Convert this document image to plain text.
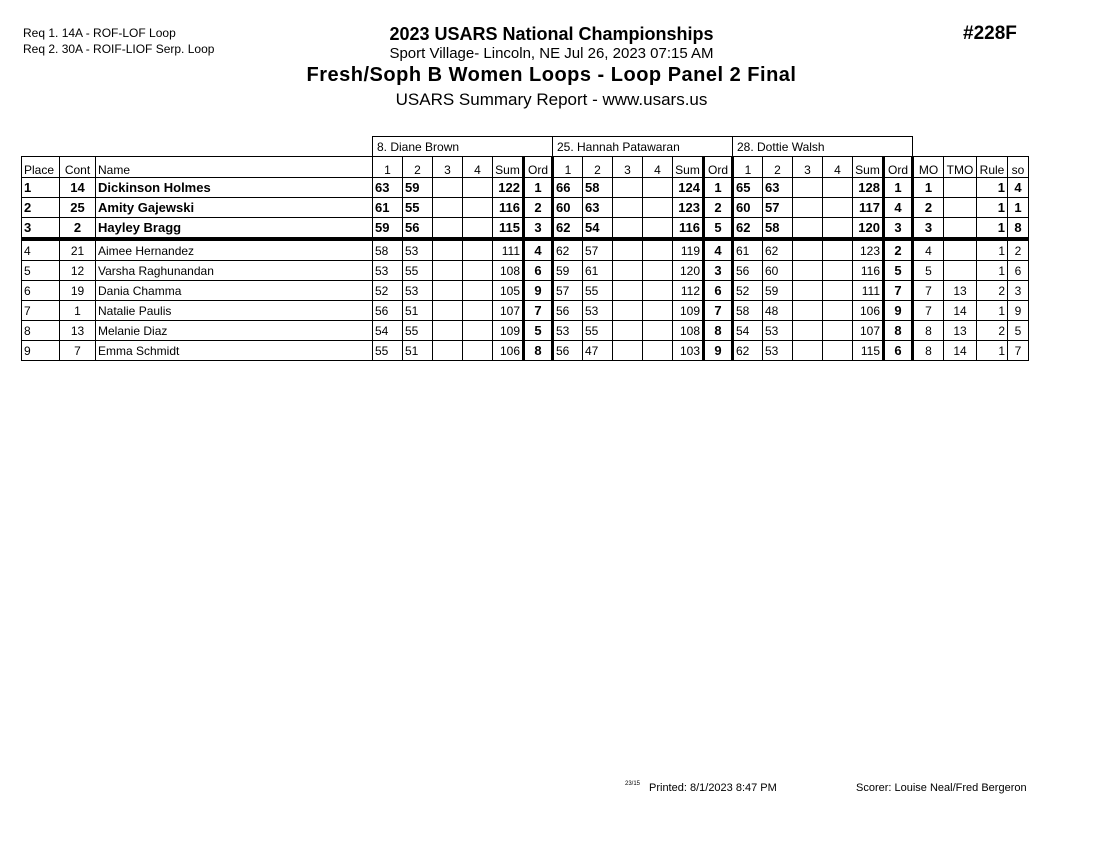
Req 1. 14A - ROF-LOF Loop
Req 2. 30A - ROIF-LIOF Serp. Loop
#228F
2023 USARS National Championships
Sport Village- Lincoln, NE Jul 26, 2023 07:15 AM
Fresh/Soph B Women Loops - Loop Panel 2 Final
USARS Summary Report - www.usars.us
			8. Diane Brown						25. Hannah Patawaran						28. Dottie Walsh									
Place	Cont	Name	1	2	3	4	Sum	Ord	1	2	3	4	Sum	Ord	1	2	3	4	Sum	Ord	MO	TMO	Rule	so
1	14	Dickinson Holmes	63	59			122	1	66	58			124	1	65	63			128	1	1		1	4
2	25	Amity Gajewski	61	55			116	2	60	63			123	2	60	57			117	4	2		1	1
3	2	Hayley Bragg	59	56			115	3	62	54			116	5	62	58			120	3	3		1	8
4	21	Aimee Hernandez	58	53			111	4	62	57			119	4	61	62			123	2	4		1	2
5	12	Varsha Raghunandan	53	55			108	6	59	61			120	3	56	60			116	5	5		1	6
6	19	Dania Chamma	52	53			105	9	57	55			112	6	52	59			111	7	7	13	2	3
7	1	Natalie Paulis	56	51			107	7	56	53			109	7	58	48			106	9	7	14	1	9
8	13	Melanie Diaz	54	55			109	5	53	55			108	8	54	53			107	8	8	13	2	5
9	7	Emma Schmidt	55	51			106	8	56	47			103	9	62	53			115	6	8	14	1	7
23/15 Printed: 8/1/2023 8:47 PM	Scorer: Louise Neal/Fred Bergeron
